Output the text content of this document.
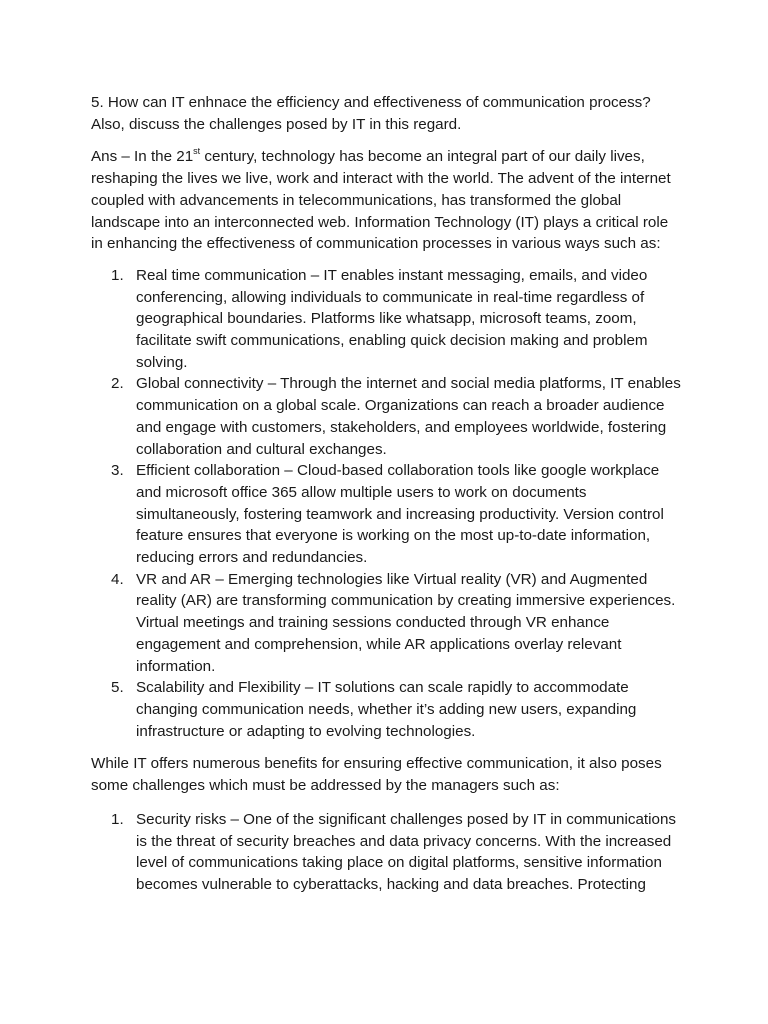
5. How can IT enhnace the efficiency and effectiveness of communication process?
Also, discuss the challenges posed by IT in this regard.

Ans – In the 21st century, technology has become an integral part of our daily lives, reshaping the lives we live, work and interact with the world. The advent of the internet coupled with advancements in telecommunications, has transformed the global landscape into an interconnected web. Information Technology (IT) plays a critical role in enhancing the effectiveness of communication processes in various ways such as:

1. Real time communication – IT enables instant messaging, emails, and video conferencing, allowing individuals to communicate in real-time regardless of geographical boundaries. Platforms like whatsapp, microsoft teams, zoom, facilitate swift communications, enabling quick decision making and problem solving.
2. Global connectivity – Through the internet and social media platforms, IT enables communication on a global scale. Organizations can reach a broader audience and engage with customers, stakeholders, and employees worldwide, fostering collaboration and cultural exchanges.
3. Efficient collaboration – Cloud-based collaboration tools like google workplace and microsoft office 365 allow multiple users to work on documents simultaneously, fostering teamwork and increasing productivity. Version control feature ensures that everyone is working on the most up-to-date information, reducing errors and redundancies.
4. VR and AR – Emerging technologies like Virtual reality (VR) and Augmented reality (AR) are transforming communication by creating immersive experiences. Virtual meetings and training sessions conducted through VR enhance engagement and comprehension, while AR applications overlay relevant information.
5. Scalability and Flexibility – IT solutions can scale rapidly to accommodate changing communication needs, whether it’s adding new users, expanding infrastructure or adapting to evolving technologies.

While IT offers numerous benefits for ensuring effective communication, it also poses some challenges which must be addressed by the managers such as:

1. Security risks – One of the significant challenges posed by IT in communications is the threat of security breaches and data privacy concerns. With the increased level of communications taking place on digital platforms, sensitive information becomes vulnerable to cyberattacks, hacking and data breaches. Protecting
